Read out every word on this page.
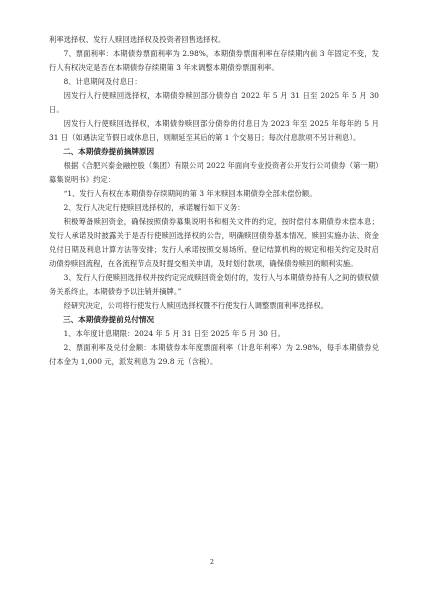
利率选择权、发行人赎回选择权及投资者回售选择权。

7、票面利率：本期债券票面利率为 2.98%，本期债券票面利率在存续期内前 3 年固定不变，发行人有权决定是否在本期债券存续期第 3 年末调整本期债券票面利率。

8、计息期间及付息日：

因发行人行使赎回选择权，本期债券赎回部分债券自 2022 年 5 月 31 日至 2025 年 5 月 30 日。

因发行人行使赎回选择权，本期债券赎回部分债券的付息日为 2023 年至 2025 年每年的 5 月 31 日（如遇法定节假日或休息日，则顺延至其后的第 1 个交易日；每次付息款项不另计利息）。

二、本期债券提前摘牌原因

根据《合肥兴泰金融控股（集团）有限公司 2022 年面向专业投资者公开发行公司债券（第一期）募集说明书》约定：

“1、发行人有权在本期债券存续期间的第 3 年末赎回本期债券全部未偿份额。

2、发行人决定行使赎回选择权的，承诺履行如下义务：

积极筹备赎回资金，确保按照债券募集说明书和相关文件的约定，按时偿付本期债券未偿本息；发行人承诺及时披露关于是否行使赎回选择权的公告，明确赎回债券基本情况、赎回实施办法、资金兑付日期及利息计算方法等安排；发行人承诺按照交易场所、登记结算机构的规定和相关约定及时启动债券赎回流程，在各流程节点及时提交相关申请，及时划付款项，确保债券赎回的顺利实施。

3、发行人行使赎回选择权并按约定完成赎回资金划付的，发行人与本期债券持有人之间的债权债务关系终止，本期债券予以注销并摘牌。”

经研究决定，公司将行使发行人赎回选择权暨不行使发行人调整票面利率选择权。

三、本期债券提前兑付情况

1、本年度计息期限：2024 年 5 月 31 日至 2025 年 5 月 30 日。

2、票面利率及兑付金额：本期债券本年度票面利率（计息年利率）为 2.98%，每手本期债券兑付本金为 1,000 元，派发利息为 29.8 元（含税）。

2
